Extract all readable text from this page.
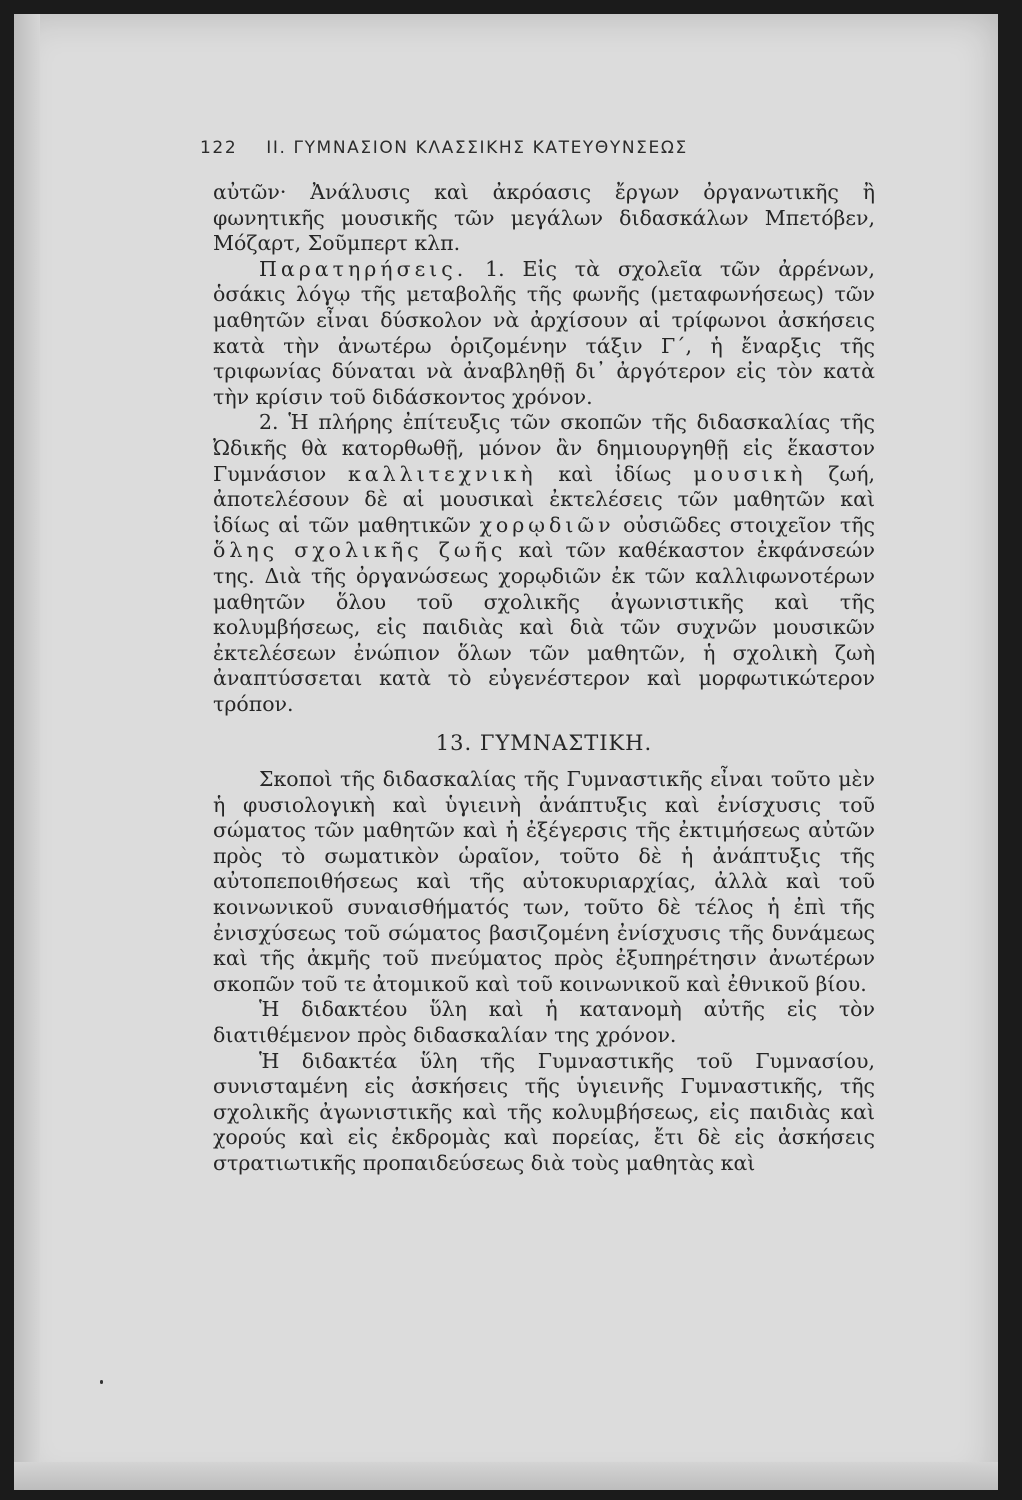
122 II. ΓΥΜΝΑΣΙΟΝ ΚΛΑΣΣΙΚΗΣ ΚΑΤΕΥΘΥΝΣΕΩΣ

αὐτῶν· Ἀνάλυσις καὶ ἀκρόασις ἔργων ὀργανωτικῆς ἢ φωνητικῆς μουσικῆς τῶν μεγάλων διδασκάλων Μπετόβεν, Μόζαρτ, Σοῦμπερτ κλπ.

Παρατηρήσεις. 1. Εἰς τὰ σχολεῖα τῶν ἀρρένων, ὁσάκις λόγῳ τῆς μεταβολῆς τῆς φωνῆς (μεταφωνήσεως) τῶν μαθητῶν εἶναι δύσκολον νὰ ἀρχίσουν αἱ τρίφωνοι ἀσκήσεις κατὰ τὴν ἀνωτέρω ὁριζομένην τάξιν Γ΄, ἡ ἔναρξις τῆς τριφωνίας δύναται νὰ ἀναβληθῇ δι᾽ ἀργότερον εἰς τὸν κατὰ τὴν κρίσιν τοῦ διδάσκοντος χρόνον.

2. Ἡ πλήρης ἐπίτευξις τῶν σκοπῶν τῆς διδασκαλίας τῆς Ὠδικῆς θὰ κατορθωθῇ, μόνον ἂν δημιουργηθῇ εἰς ἕκαστον Γυμνάσιον καλλιτεχνικὴ καὶ ἰδίως μουσικὴ ζωή, ἀποτελέσουν δὲ αἱ μουσικαὶ ἐκτελέσεις τῶν μαθητῶν καὶ ἰδίως αἱ τῶν μαθητικῶν χορῳδιῶν οὐσιῶδες στοιχεῖον τῆς ὅλης σχολικῆς ζωῆς καὶ τῶν καθέκαστον ἐκφάνσεών της. Διὰ τῆς ὀργανώσεως χορῳδιῶν ἐκ τῶν καλλιφωνοτέρων μαθητῶν ὅλου τοῦ σχολικῆς ἀγωνιστικῆς καὶ τῆς κολυμβήσεως, εἰς παιδιὰς καὶ διὰ τῶν συχνῶν μουσικῶν ἐκτελέσεων ἐνώπιον ὅλων τῶν μαθητῶν, ἡ σχολικὴ ζωὴ ἀναπτύσσεται κατὰ τὸ εὐγενέστερον καὶ μορφωτικώτερον τρόπον.

13. ΓΥΜΝΑΣΤΙΚΗ.

Σκοποὶ τῆς διδασκαλίας τῆς Γυμναστικῆς εἶναι τοῦτο μὲν ἡ φυσιολογικὴ καὶ ὑγιεινὴ ἀνάπτυξις καὶ ἐνίσχυσις τοῦ σώματος τῶν μαθητῶν καὶ ἡ ἐξέγερσις τῆς ἐκτιμήσεως αὐτῶν πρὸς τὸ σωματικὸν ὡραῖον, τοῦτο δὲ ἡ ἀνάπτυξις τῆς αὐτοπεποιθήσεως καὶ τῆς αὐτοκυριαρχίας, ἀλλὰ καὶ τοῦ κοινωνικοῦ συναισθήματός των, τοῦτο δὲ τέλος ἡ ἐπὶ τῆς ἐνισχύσεως τοῦ σώματος βασιζομένη ἐνίσχυσις τῆς δυνάμεως καὶ τῆς ἀκμῆς τοῦ πνεύματος πρὸς ἐξυπηρέτησιν ἀνωτέρων σκοπῶν τοῦ τε ἀτομικοῦ καὶ τοῦ κοινωνικοῦ καὶ ἐθνικοῦ βίου.

Ἡ διδακτέου ὕλη καὶ ἡ κατανομὴ αὐτῆς εἰς τὸν διατιθέμενον πρὸς διδασκαλίαν της χρόνον.

Ἡ διδακτέα ὕλη τῆς Γυμναστικῆς τοῦ Γυμνασίου, συνισταμένη εἰς ἀσκήσεις τῆς ὑγιεινῆς Γυμναστικῆς, τῆς σχολικῆς ἀγωνιστικῆς καὶ τῆς κολυμβήσεως, εἰς παιδιὰς καὶ χορούς καὶ εἰς ἐκδρομὰς καὶ πορείας, ἔτι δὲ εἰς ἀσκήσεις στρατιωτικῆς προπαιδεύσεως διὰ τοὺς μαθητὰς καὶ
